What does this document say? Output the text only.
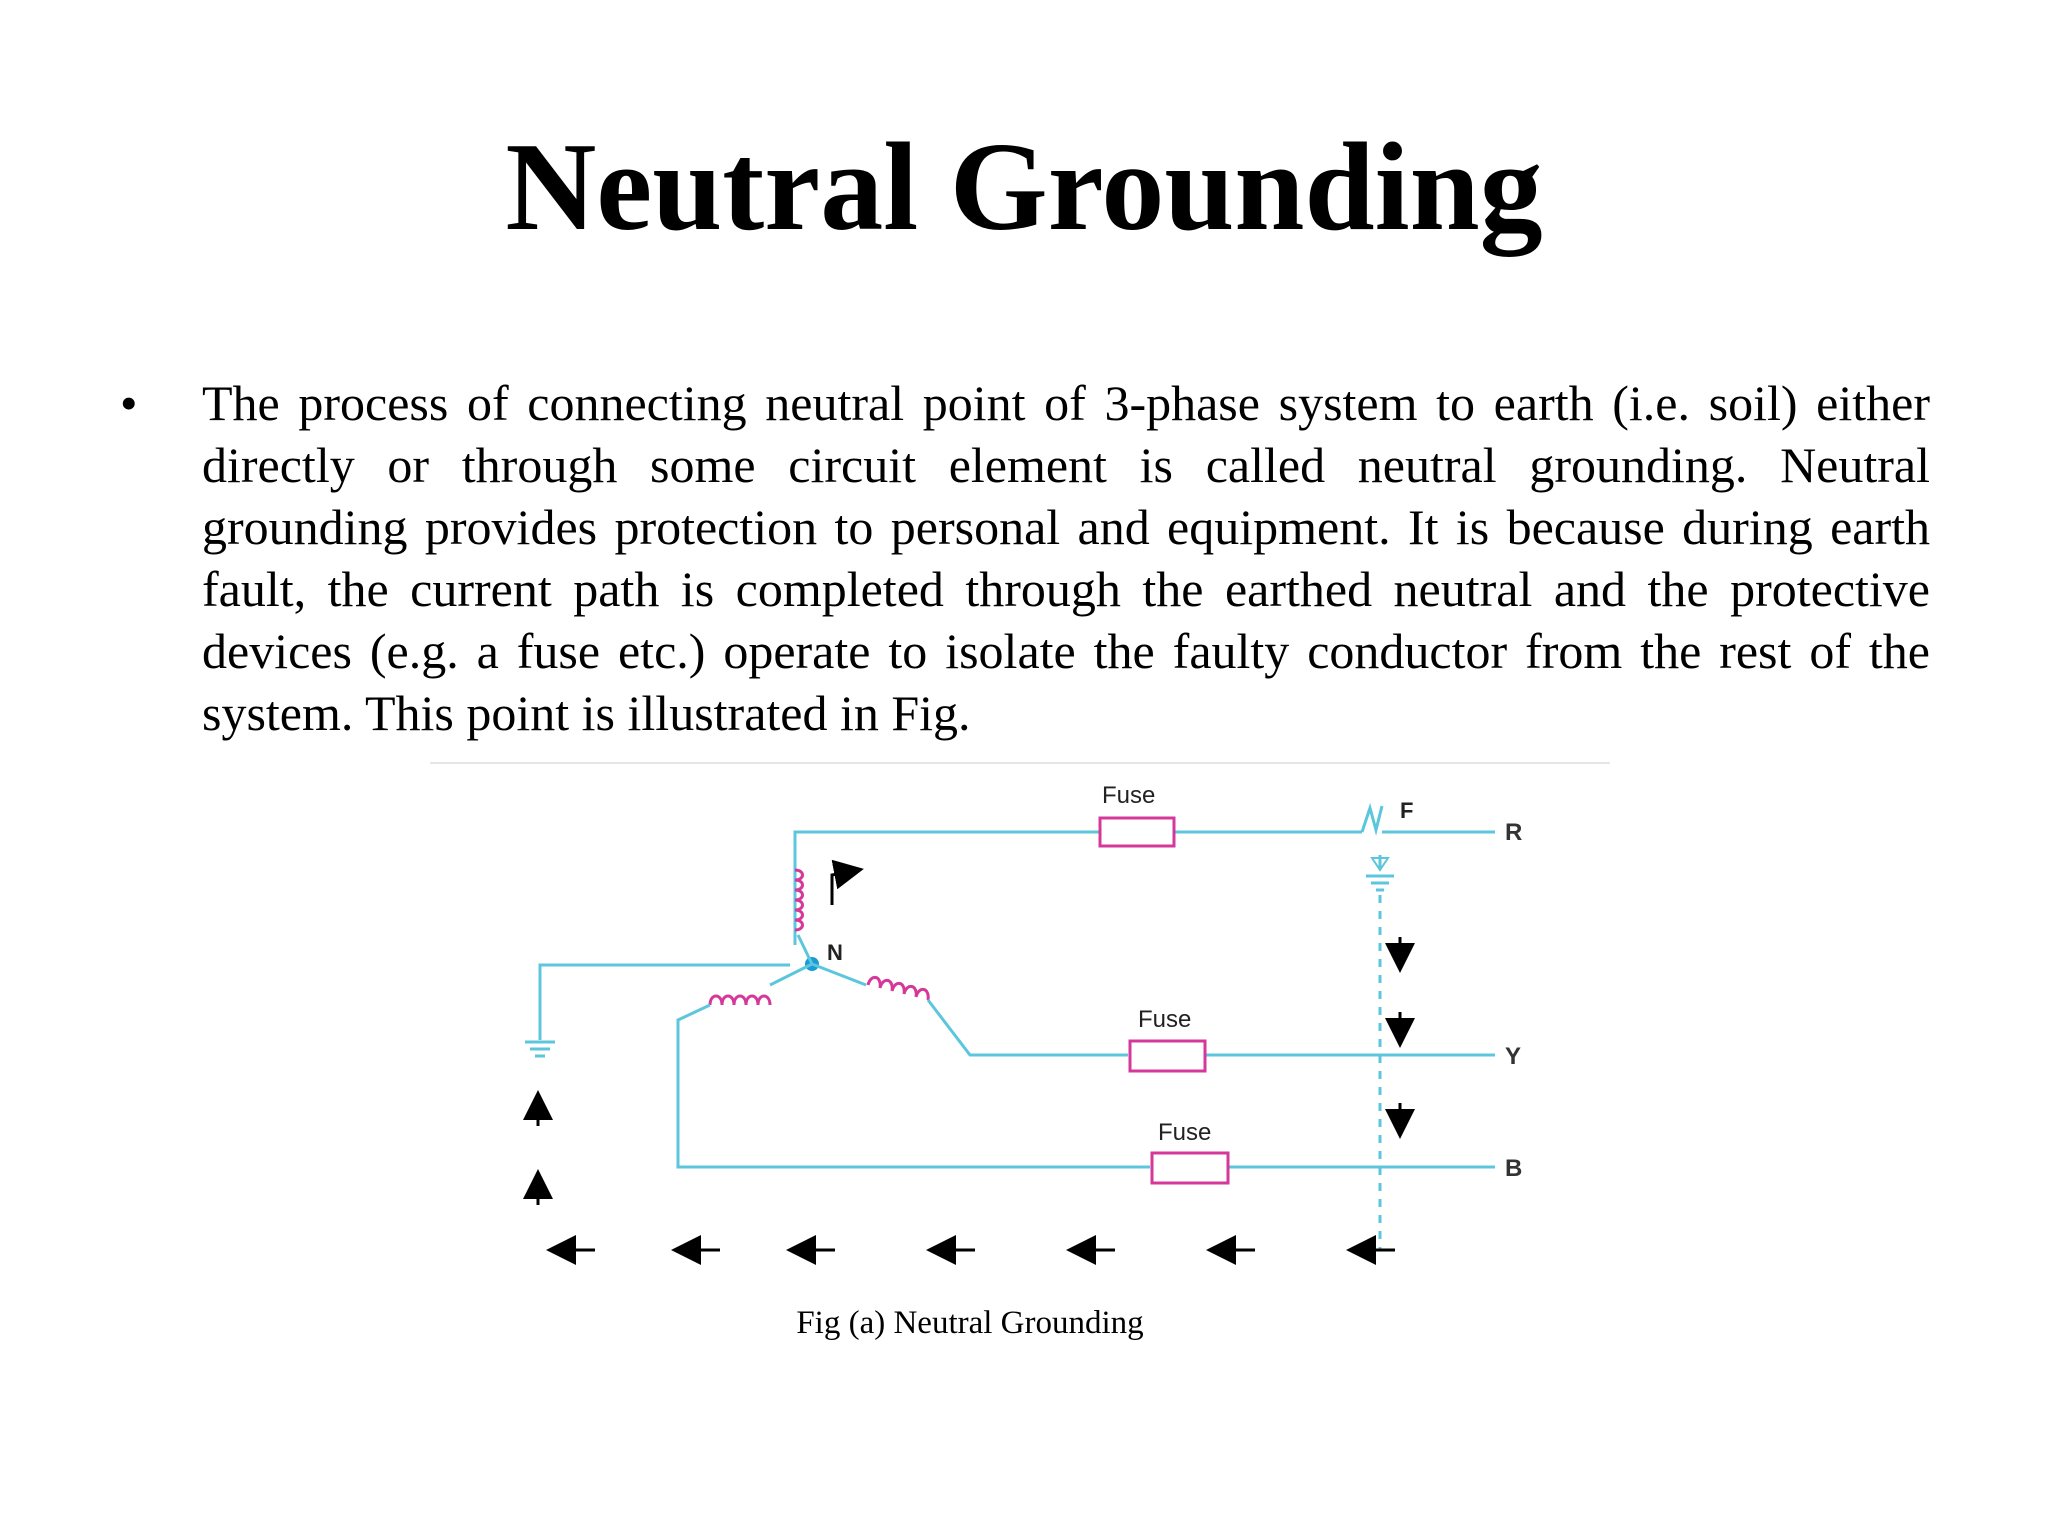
Neutral Grounding
• The process of connecting neutral point of 3-phase system to earth (i.e. soil) either directly or through some circuit element is called neutral grounding. Neutral grounding provides protection to personal and equipment. It is because during earth fault, the current path is completed through the earthed neutral and the protective devices (e.g. a fuse etc.) operate to isolate the faulty conductor from the rest of the system. This point is illustrated in Fig.

N
Fuse
Fuse
Fuse
F
R
Y
B
Fig (a) Neutral Grounding
